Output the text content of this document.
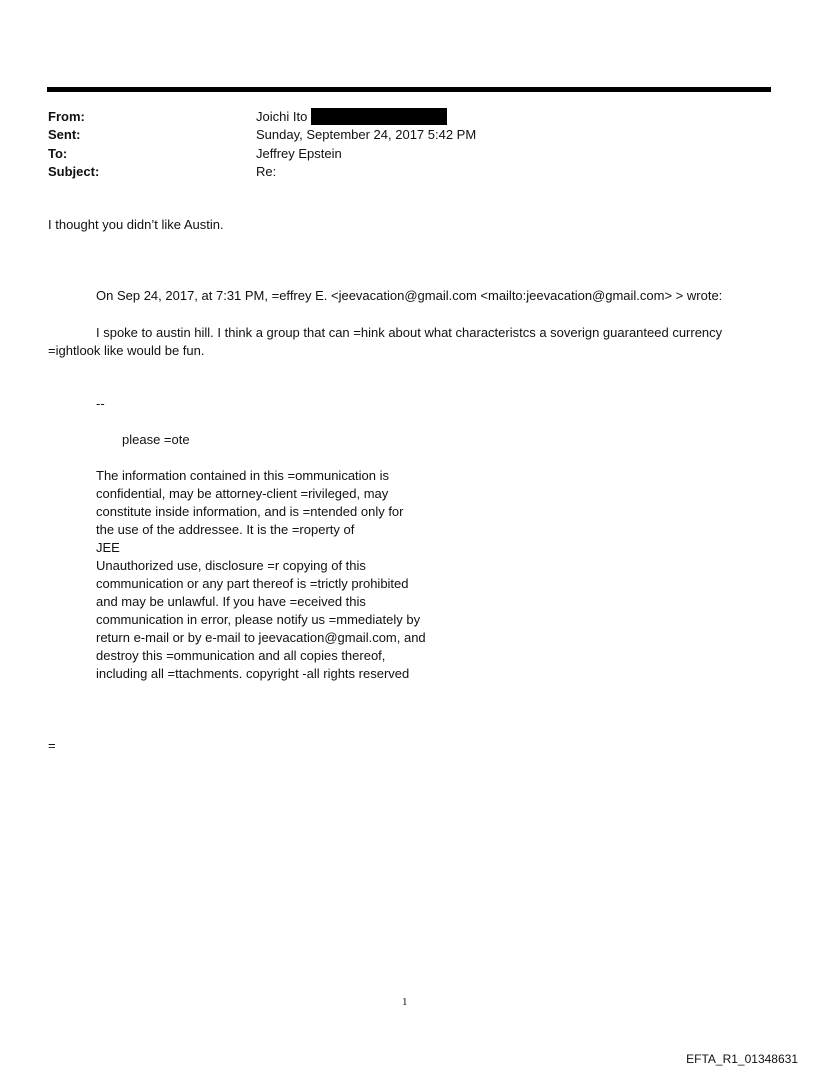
From:	Joichi Ito
Sent:	Sunday, September 24, 2017 5:42 PM
To:	Jeffrey Epstein
Subject:	Re:
I thought you didn’t like Austin.
On Sep 24, 2017, at 7:31 PM, =effrey E. <jeevacation@gmail.com <mailto:jeevacation@gmail.com> > wrote:
I spoke to austin hill. I think a group that can =hink about what characteristcs a soverign guaranteed currency
=ightlook like would be fun.
--
please =ote
The information contained in this =ommunication is
confidential, may be attorney-client =rivileged, may
constitute inside information, and is =ntended only for
the use of the addressee. It is the =roperty of
JEE
Unauthorized use, disclosure =r copying of this
communication or any part thereof is =trictly prohibited
and may be unlawful. If you have =eceived this
communication in error, please notify us =mmediately by
return e-mail or by e-mail to jeevacation@gmail.com, and
destroy this =ommunication and all copies thereof,
including all =ttachments. copyright -all rights reserved
=
1
EFTA_R1_01348631
